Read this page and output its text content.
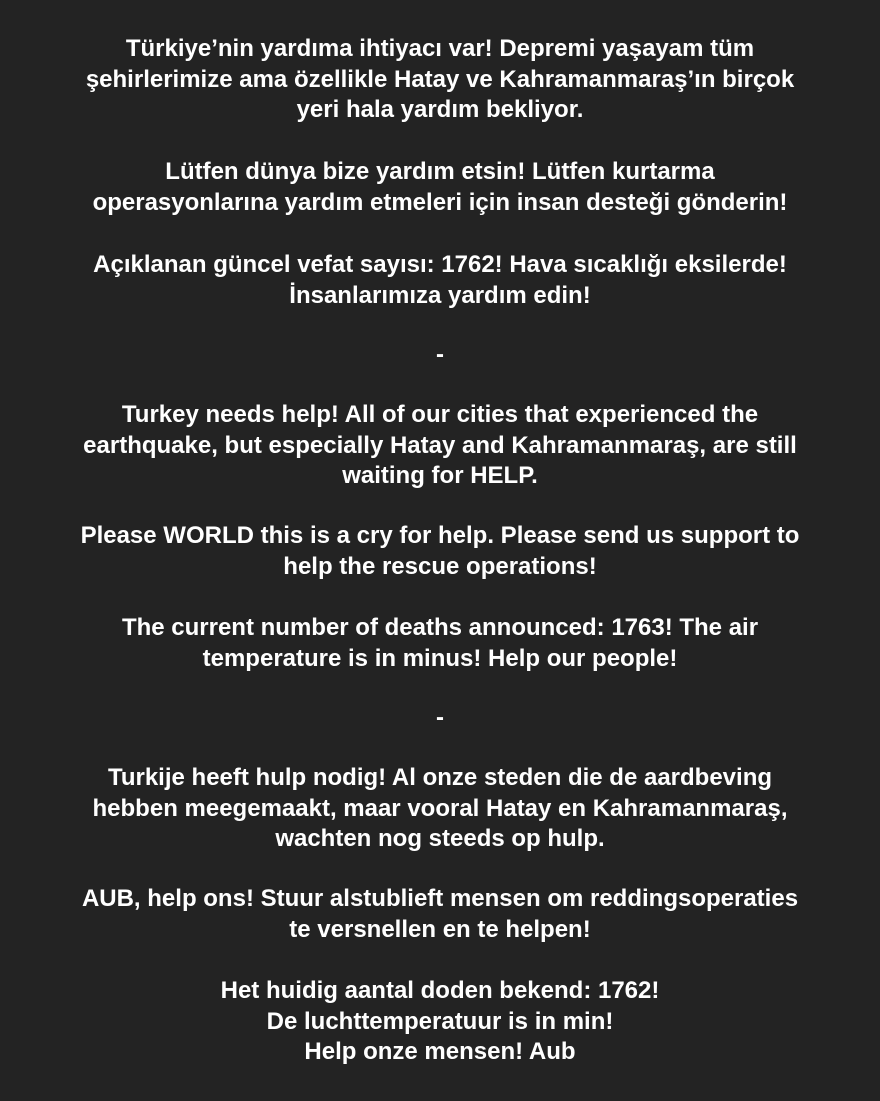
Türkiye’nin yardıma ihtiyacı var! Depremi yaşayam tüm
şehirlerimize ama özellikle Hatay ve Kahramanmaraş’ın birçok
yeri hala yardım bekliyor.
Lütfen dünya bize yardım etsin! Lütfen kurtarma
operasyonlarına yardım etmeleri için insan desteği gönderin!
Açıklanan güncel vefat sayısı: 1762! Hava sıcaklığı eksilerde!
İnsanlarımıza yardım edin!
-
Turkey needs help! All of our cities that experienced the
earthquake, but especially Hatay and Kahramanmaraş, are still
waiting for HELP.
Please WORLD this is a cry for help. Please send us support to
help the rescue operations!
The current number of deaths announced: 1763! The air
temperature is in minus! Help our people!
-
Turkije heeft hulp nodig! Al onze steden die de aardbeving
hebben meegemaakt, maar vooral Hatay en Kahramanmaraş,
wachten nog steeds op hulp.
AUB, help ons! Stuur alstublieft mensen om reddingsoperaties
te versnellen en te helpen!
Het huidig aantal doden bekend: 1762!
De luchttemperatuur is in min!
Help onze mensen! Aub
